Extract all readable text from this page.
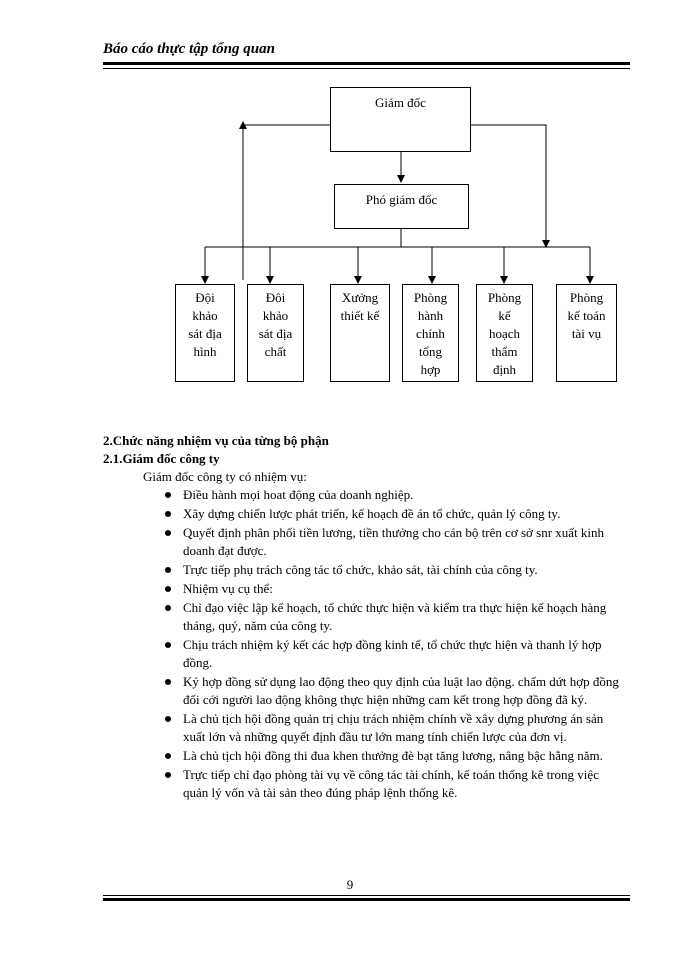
Báo cáo thực tập tổng quan
Giám đốc
Phó giám đốc
Đội
khảo
sát địa
hình
Đôi
khảo
sát địa
chất
Xưởng
thiết kế
Phòng
hành
chính
tổng
hợp
Phòng
kế
hoạch
thẩm
định
Phòng
kế toán
tài vụ

2.Chức năng nhiệm vụ của từng bộ phận

2.1.Giám đốc công ty

Giám đốc công ty có nhiệm vụ:

Điều hành mọi hoat động của doanh nghiệp.
Xây dựng chiến lược phát triển, kế hoạch đề án tổ chức, quản lý công ty.
Quyết định phân phối tiền lương, tiền thưởng cho cán bộ trên cơ sở snr xuất kinh doanh đạt được.
Trực tiếp phụ trách công tác tổ chức, khảo sát, tài chính của công ty.
Nhiệm vụ cụ thể:
Chỉ đạo việc lập kế hoạch, tổ chức thực hiện và kiểm tra thực hiện kế hoạch hàng tháng, quý, năm của công ty.
Chịu trách nhiệm ký kết các hợp đồng kinh tế, tổ chức thực hiện và thanh lý hợp đồng.
Ký hợp đồng sử dụng lao động theo quy định của luật lao động. chấm dứt hợp đồng đối cới người lao động không thực hiện những cam kết trong hợp đồng đã ký.
Là chủ tịch hội đồng quản trị chịu trách nhiệm chính về xây dựng phương án sản xuất lớn và những quyết định đầu tư lớn mang tính chiến lược của đơn vị.
Là chủ tịch hội đồng thi đua khen thưởng đè bạt tăng lương, nâng bậc hằng năm.
Trực tiếp chỉ đạo phòng tài vụ về công tác tài chính, kế toán thống kê trong việc quản lý vốn và tài sản theo đúng pháp lệnh thống kê.
9
